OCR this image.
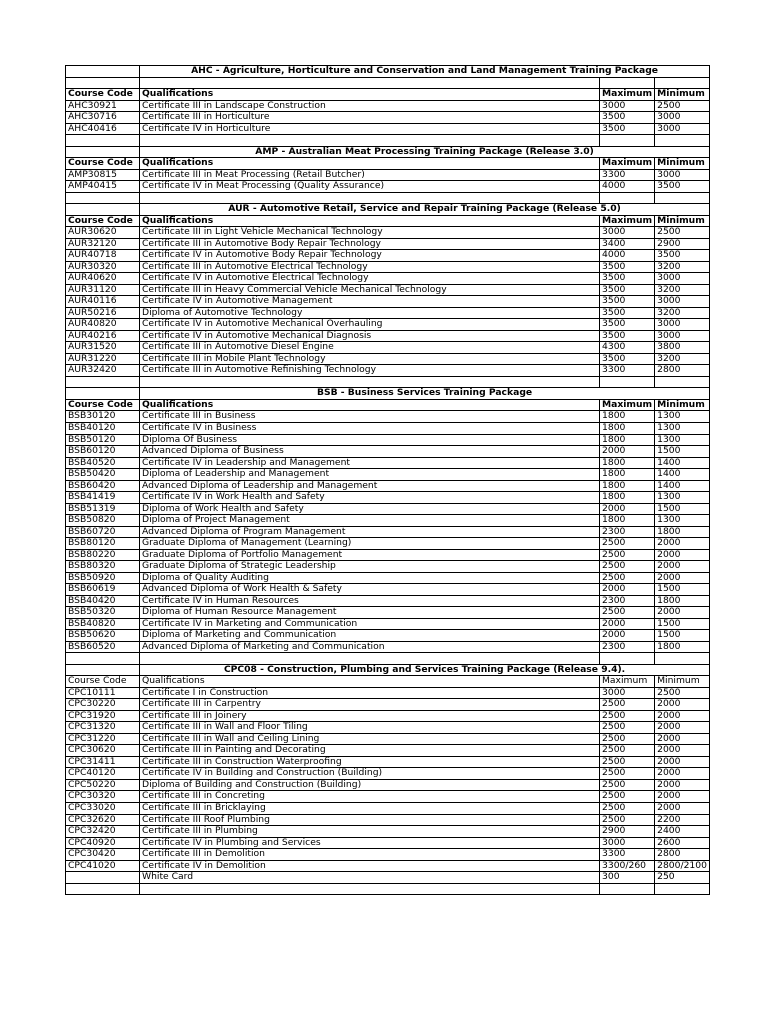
	AHC - Agriculture, Horticulture and Conservation and Land Management Training Package		

Course Code	Qualifications	Maximum	Minimum
AHC30921	Certificate III in Landscape Construction	3000	2500
AHC30716	Certificate III in Horticulture	3500	3000
AHC40416	Certificate IV in Horticulture	3500	3000

	AMP - Australian Meat Processing Training Package (Release 3.0)		
Course Code	Qualifications	Maximum	Minimum
AMP30815	Certificate III in Meat Processing (Retail Butcher)	3300	3000
AMP40415	Certificate IV in Meat Processing (Quality Assurance)	4000	3500

	AUR - Automotive Retail, Service and Repair Training Package (Release 5.0)		
Course Code	Qualifications	Maximum	Minimum
AUR30620	Certificate III in Light Vehicle Mechanical Technology	3000	2500
AUR32120	Certificate III in Automotive Body Repair Technology	3400	2900
AUR40718	Certificate IV in Automotive Body Repair Technology	4000	3500
AUR30320	Certificate III in Automotive Electrical Technology	3500	3200
AUR40620	Certificate IV in Automotive Electrical Technology	3500	3000
AUR31120	Certificate III in Heavy Commercial Vehicle Mechanical Technology	3500	3200
AUR40116	Certificate IV in Automotive Management	3500	3000
AUR50216	Diploma of Automotive Technology	3500	3200
AUR40820	Certificate IV in Automotive Mechanical Overhauling	3500	3000
AUR40216	Certificate IV in Automotive Mechanical Diagnosis	3500	3000
AUR31520	Certificate III in Automotive Diesel Engine	4300	3800
AUR31220	Certificate III in Mobile Plant Technology	3500	3200
AUR32420	Certificate III in Automotive Refinishing Technology	3300	2800

	BSB - Business Services Training Package		
Course Code	Qualifications	Maximum	Minimum
BSB30120	Certificate III in Business	1800	1300
BSB40120	Certificate IV in Business	1800	1300
BSB50120	Diploma Of Business	1800	1300
BSB60120	Advanced Diploma of Business	2000	1500
BSB40520	Certificate IV in Leadership and Management	1800	1400
BSB50420	Diploma of Leadership and Management	1800	1400
BSB60420	Advanced Diploma of Leadership and Management	1800	1400
BSB41419	Certificate IV in Work Health and Safety	1800	1300
BSB51319	Diploma of Work Health and Safety	2000	1500
BSB50820	Diploma of Project Management	1800	1300
BSB60720	Advanced Diploma of Program Management	2300	1800
BSB80120	Graduate Diploma of Management (Learning)	2500	2000
BSB80220	Graduate Diploma of Portfolio Management	2500	2000
BSB80320	Graduate Diploma of Strategic Leadership	2500	2000
BSB50920	Diploma of Quality Auditing	2500	2000
BSB60619	Advanced Diploma of Work Health & Safety	2000	1500
BSB40420	Certificate IV in Human Resources	2300	1800
BSB50320	Diploma of Human Resource Management	2500	2000
BSB40820	Certificate IV in Marketing and Communication	2000	1500
BSB50620	Diploma of Marketing and Communication	2000	1500
BSB60520	Advanced Diploma of Marketing and Communication	2300	1800

	CPC08 - Construction, Plumbing and Services Training Package (Release 9.4).		
Course Code	Qualifications	Maximum	Minimum
CPC10111	Certificate I in Construction	3000	2500
CPC30220	Certificate III in Carpentry	2500	2000
CPC31920	Certificate III in Joinery	2500	2000
CPC31320	Certificate III in Wall and Floor Tiling	2500	2000
CPC31220	Certificate III in Wall and Ceiling Lining	2500	2000
CPC30620	Certificate III in Painting and Decorating	2500	2000
CPC31411	Certificate III in Construction Waterproofing	2500	2000
CPC40120	Certificate IV in Building and Construction (Building)	2500	2000
CPC50220	Diploma of Building and Construction (Building)	2500	2000
CPC30320	Certificate III in Concreting	2500	2000
CPC33020	Certificate III in Bricklaying	2500	2000
CPC32620	Certificate III Roof Plumbing	2500	2200
CPC32420	Certificate III in Plumbing	2900	2400
CPC40920	Certificate IV in Plumbing and Services	3000	2600
CPC30420	Certificate III in Demolition	3300	2800
CPC41020	Certificate IV in Demolition	3300/260	2800/2100
	White Card	300	250
